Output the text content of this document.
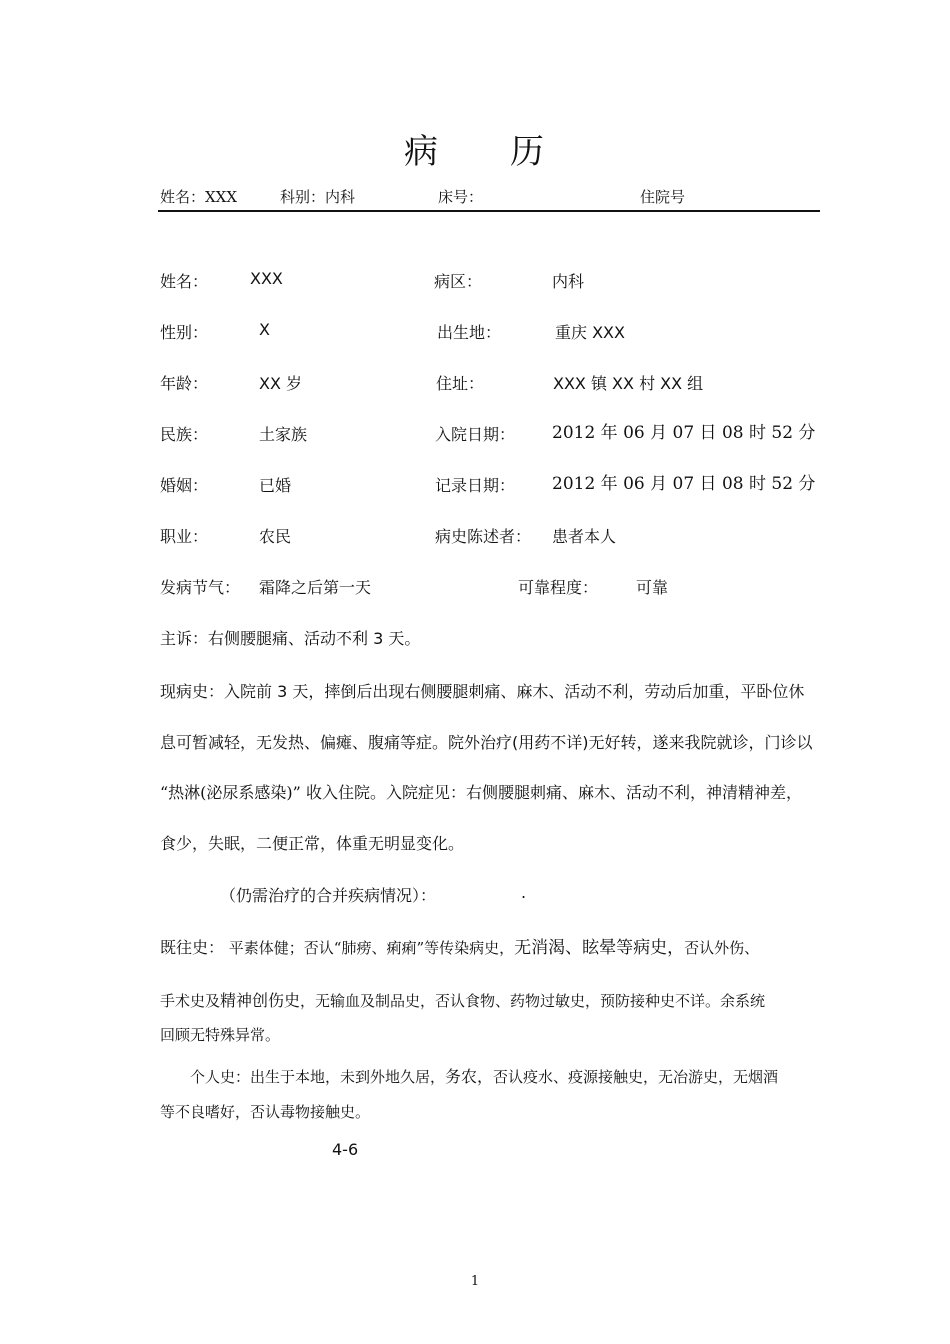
病 历
姓名：XXX	科别：内科	床号：	住院号
姓名：	XXX	病区：	内科
性别：	X	出生地：	重庆 XXX
年龄：	XX 岁	住址：	XXX 镇 XX 村 XX 组
民族：	土家族	入院日期： 2012 年 06 月 07 日 08 时 52 分
婚姻：	已婚	记录日期： 2012 年 06 月 07 日 08 时 52 分
职业：	农民	病史陈述者： 患者本人
发病节气： 霜降之后第一天	可靠程度： 可靠
主诉：右侧腰腿痛、活动不利 3 天。
现病史：入院前 3 天，摔倒后出现右侧腰腿刺痛、麻木、活动不利，劳动后加重，平卧位休
息可暂减轻，无发热、偏瘫、腹痛等症。院外治疗(用药不详)无好转，遂来我院就诊，门诊以
“热淋(泌尿系感染)” 收入住院。入院症见：右侧腰腿刺痛、麻木、活动不利，神清精神差，
食少，失眠，二便正常，体重无明显变化。
（仍需治疗的合并疾病情况）：	.
既往史： 平素体健；否认“肺痨、痢痢”等传染病史，无消渴、眩晕等病史，否认外伤、
手术史及精神创伤史，无输血及制品史，否认食物、药物过敏史，预防接种史不详。余系统
回顾无特殊异常。
个人史：出生于本地，未到外地久居，务农，否认疫水、疫源接触史，无冶游史，无烟酒
等不良嗜好，否认毒物接触史。
4-6
1
